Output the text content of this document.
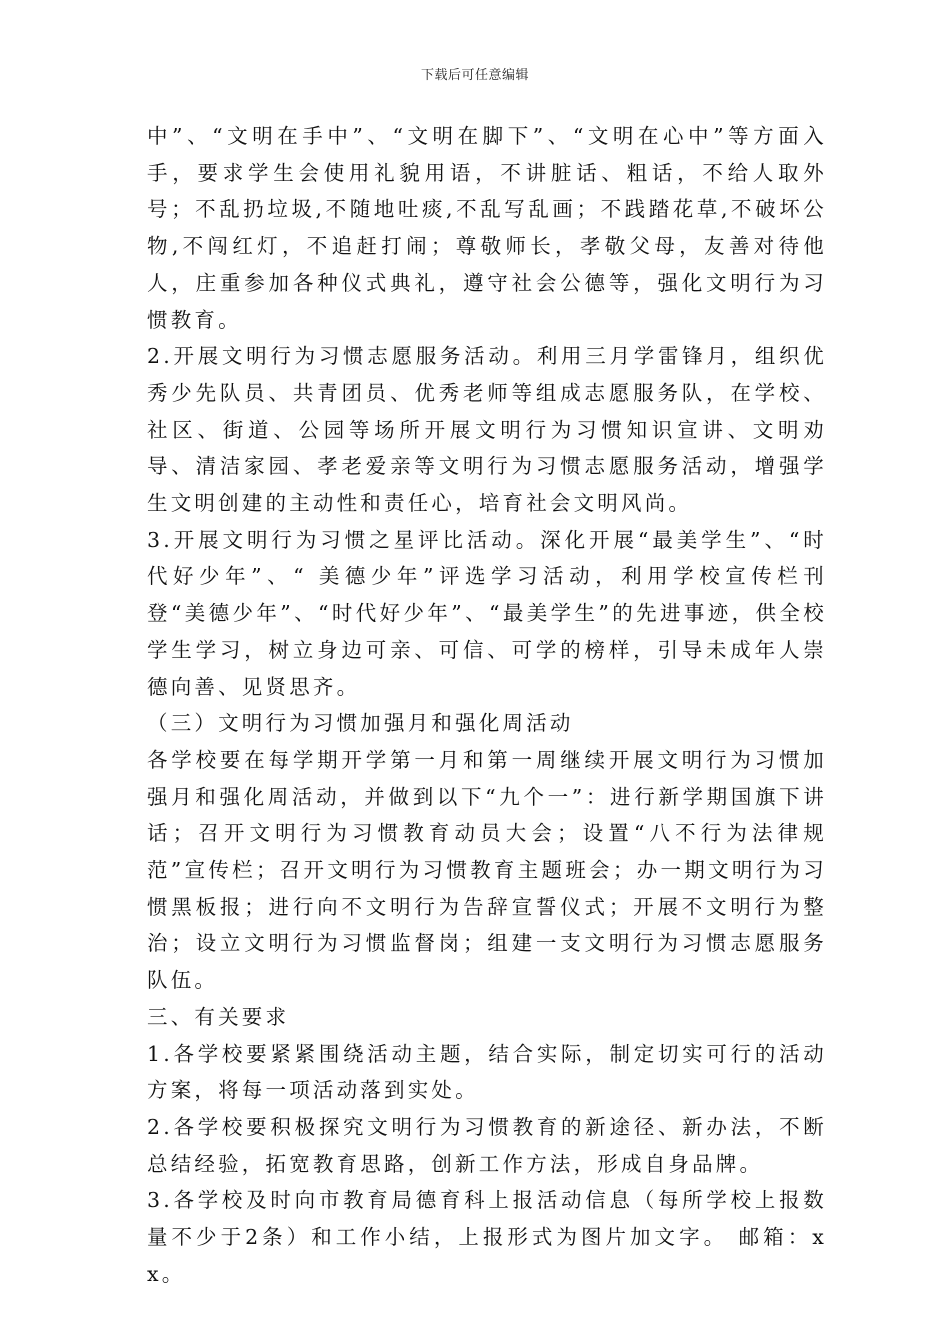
下载后可任意编辑

中”、“文明在手中”、“文明在脚下”、“文明在心中”等方面入手，要求学生会使用礼貌用语，不讲脏话、粗话，不给人取外号；不乱扔垃圾,不随地吐痰,不乱写乱画；不践踏花草,不破坏公物,不闯红灯，不追赶打闹；尊敬师长，孝敬父母，友善对待他人，庄重参加各种仪式典礼，遵守社会公德等，强化文明行为习惯教育。

2.开展文明行为习惯志愿服务活动。利用三月学雷锋月，组织优秀少先队员、共青团员、优秀老师等组成志愿服务队，在学校、社区、街道、公园等场所开展文明行为习惯知识宣讲、文明劝导、清洁家园、孝老爱亲等文明行为习惯志愿服务活动，增强学生文明创建的主动性和责任心，培育社会文明风尚。

3.开展文明行为习惯之星评比活动。深化开展“最美学生”、“时代好少年”、“ 美德少年”评选学习活动，利用学校宣传栏刊登“美德少年”、“时代好少年”、“最美学生”的先进事迹，供全校学生学习，树立身边可亲、可信、可学的榜样，引导未成年人崇德向善、见贤思齐。

（三）文明行为习惯加强月和强化周活动

各学校要在每学期开学第一月和第一周继续开展文明行为习惯加强月和强化周活动，并做到以下“九个一”：进行新学期国旗下讲话；召开文明行为习惯教育动员大会；设置“八不行为法律规范”宣传栏；召开文明行为习惯教育主题班会；办一期文明行为习惯黑板报；进行向不文明行为告辞宣誓仪式；开展不文明行为整治；设立文明行为习惯监督岗；组建一支文明行为习惯志愿服务队伍。

三、有关要求

1.各学校要紧紧围绕活动主题，结合实际，制定切实可行的活动方案，将每一项活动落到实处。

2.各学校要积极探究文明行为习惯教育的新途径、新办法，不断总结经验，拓宽教育思路，创新工作方法，形成自身品牌。

3.各学校及时向市教育局德育科上报活动信息（每所学校上报数量不少于2条）和工作小结，上报形式为图片加文字。 邮箱：xx。
